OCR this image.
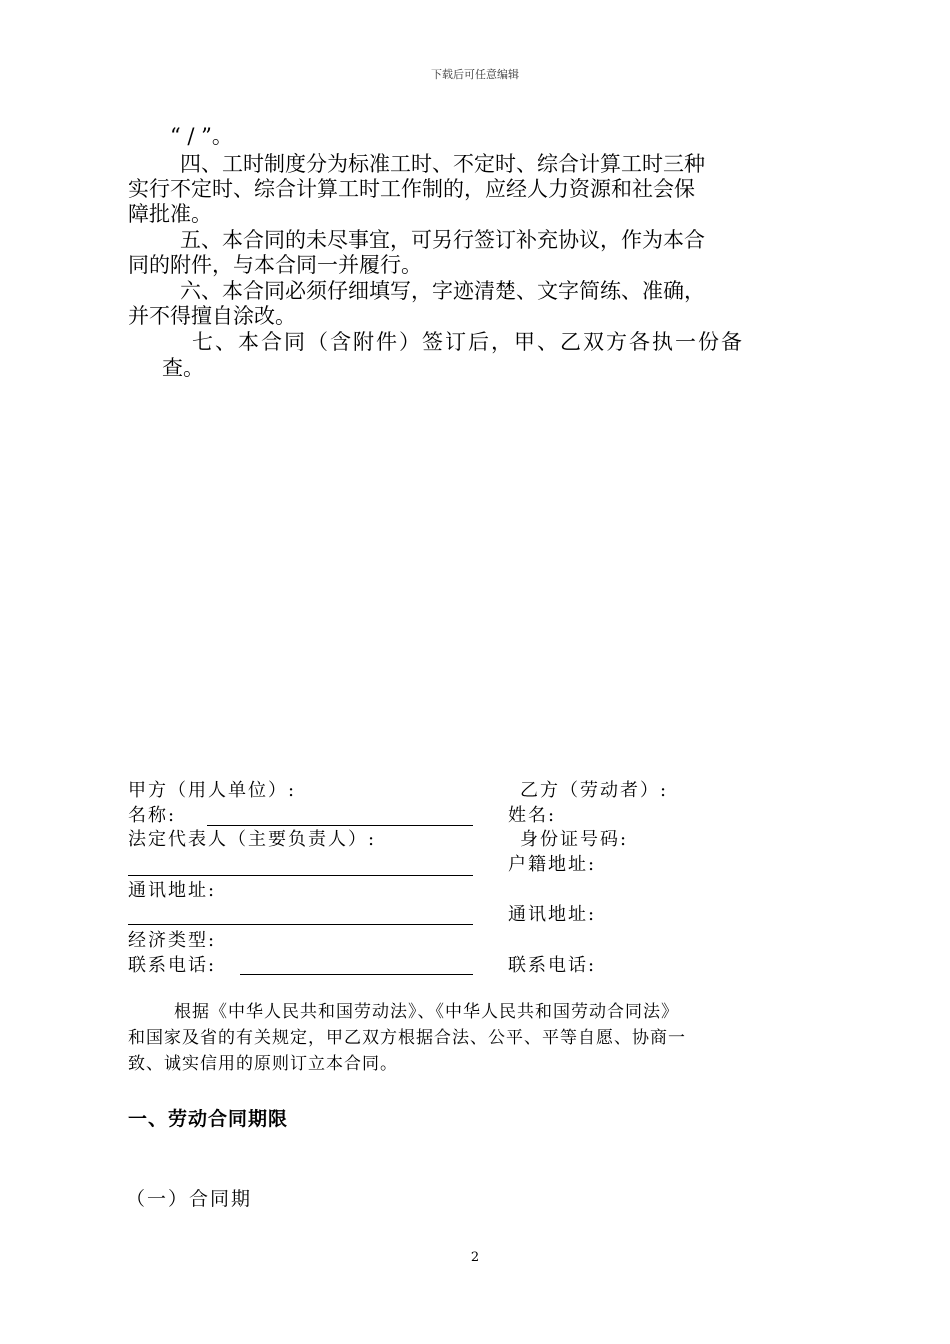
下载后可任意编辑
“ / ”。
四、工时制度分为标准工时、不定时、综合计算工时三种
实行不定时、综合计算工时工作制的，应经人力资源和社会保
障批准。
五、本合同的未尽事宜，可另行签订补充协议，作为本合
同的附件，与本合同一并履行。
六、本合同必须仔细填写，字迹清楚、文字简练、准确，
并不得擅自涂改。
七、本合同（含附件）签订后，甲、乙双方各执一份备
查。
甲方（用人单位）:
名称:
法定代表人（主要负责人）:
通讯地址:
经济类型:
联系电话:
乙方（劳动者）:
姓名:
身份证号码:
户籍地址:
通讯地址:
联系电话:
根据《中华人民共和国劳动法》、《中华人民共和国劳动合同法》
和国家及省的有关规定，甲乙双方根据合法、公平、平等自愿、协商一
致、诚实信用的原则订立本合同。
一、劳动合同期限
（一）合同期
2
